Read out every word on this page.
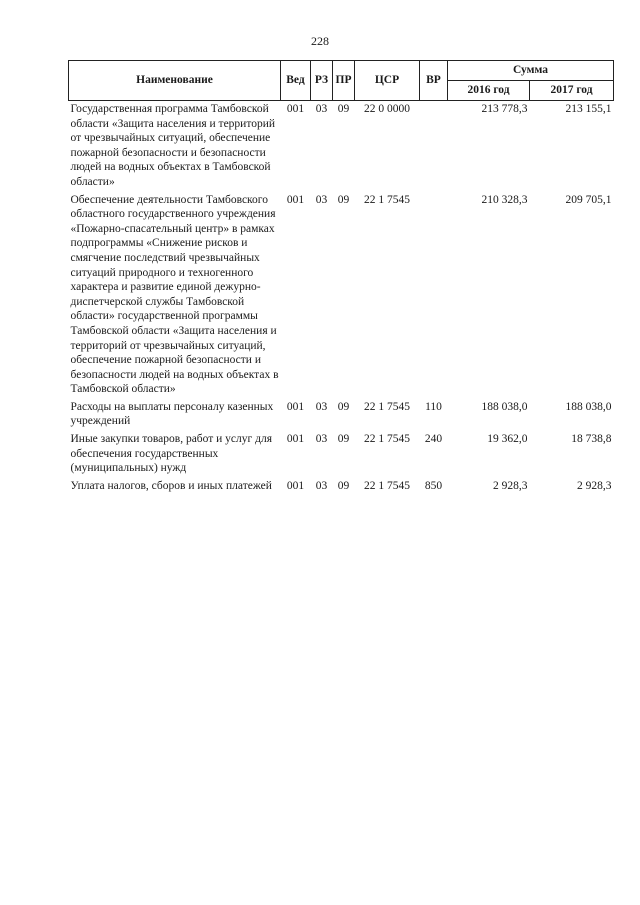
228
Наименование	Вед	РЗ	ПР	ЦСР	ВР	Сумма	
						2016 год	2017 год
Государственная программа Тамбовской области «Защита населения и территорий от чрезвычайных ситуаций, обеспечение пожарной безопасности и безопасности людей на водных объектах в Тамбовской области»	001	03	09	22 0 0000		213 778,3	213 155,1
Обеспечение деятельности Тамбовского областного государственного учреждения «Пожарно-спасательный центр» в рамках подпрограммы «Снижение рисков и смягчение последствий чрезвычайных ситуаций природного и техногенного характера и развитие единой дежурно-диспетчерской службы Тамбовской области» государственной программы Тамбовской области «Защита населения и территорий от чрезвычайных ситуаций, обеспечение пожарной безопасности и безопасности людей на водных объектах в Тамбовской области»	001	03	09	22 1 7545		210 328,3	209 705,1
Расходы на выплаты персоналу казенных учреждений	001	03	09	22 1 7545	110	188 038,0	188 038,0
Иные закупки товаров, работ и услуг для обеспечения государственных (муниципальных) нужд	001	03	09	22 1 7545	240	19 362,0	18 738,8
Уплата налогов, сборов и иных платежей	001	03	09	22 1 7545	850	2 928,3	2 928,3
